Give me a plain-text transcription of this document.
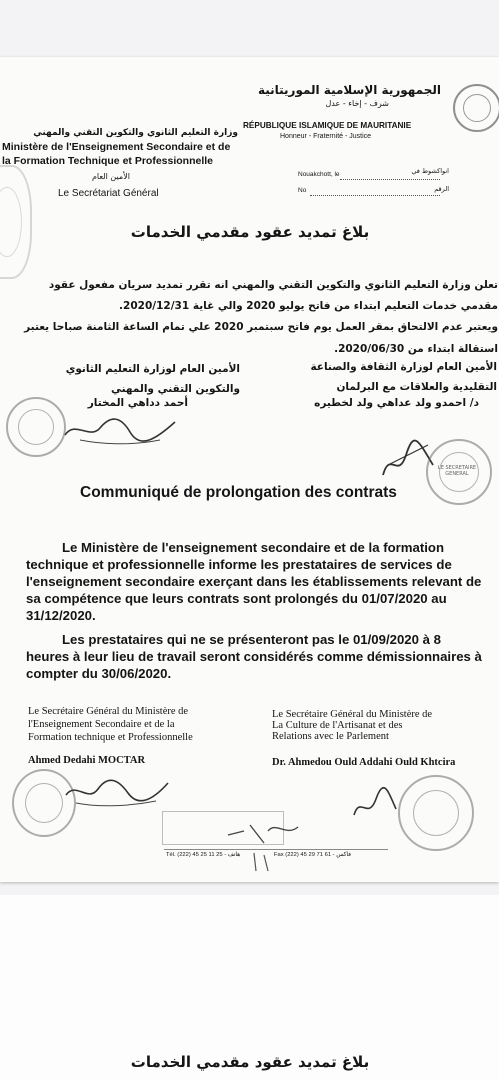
الجمهورية الإسلامية الموريتانية
شرف - إخاء - عدل
RÉPUBLIQUE ISLAMIQUE DE MAURITANIE
Honneur - Fraternité - Justice
وزارة التعليم الثانوي والتكوين التقني والمهني
Ministère de l'Enseignement Secondaire et de
la Formation Technique et Professionnelle
الأمين العام
Le Secrétariat Général
Nouakchott, le	انواكشوط في
No	الرقم
بلاغ تمديد عقود مقدمي الخدمات
تعلن وزارة التعليم الثانوي والتكوين التقني والمهني انه تقرر تمديد سريان مفعول عقود
مقدمي خدمات التعليم ابتداء من فاتح يوليو 2020 والي غاية 2020/12/31.
ويعتبر عدم الالتحاق بمقر العمل يوم فاتح سبتمبر 2020 علي تمام الساعة الثامنة صباحا يعتبر
استقالة ابتداء من 2020/06/30.
الأمين العام لوزارة الثقافة والصناعة
التقليدية والعلاقات مع البرلمان
الأمين العام لوزارة التعليم الثانوي
والتكوين التقني والمهني
د/ احمدو ولد عداهي ولد لخطيره
أحمد دداهي المختار
LE SECRETAIRE GENERAL
Communiqué de prolongation des contrats
Le Ministère de l'enseignement secondaire et de la formation
technique et professionnelle informe les prestataires de services de
l'enseignement secondaire exerçant dans les établissements relevant de
sa compétence que leurs contrats sont prolongés du 01/07/2020 au
31/12/2020.
Les prestataires qui ne se présenteront pas le 01/09/2020 à 8
heures à leur lieu de travail seront considérés comme démissionnaires à
compter du 30/06/2020.
Le Secrétaire Général du Ministère de
l'Enseignement Secondaire et de la
Formation technique et Professionnelle
Le Secrétaire Général du Ministère de
La Culture de l'Artisanat et des
Relations avec le Parlement
Ahmed Dedahi MOCTAR	Dr. Ahmedou Ould Addahi Ould Khtcira
Tél. (222) 45 25 11 25 - هاتف	Fax (222) 45 29 71 61 - فاكس
بلاغ تمديد عقود مقدمي الخدمات
